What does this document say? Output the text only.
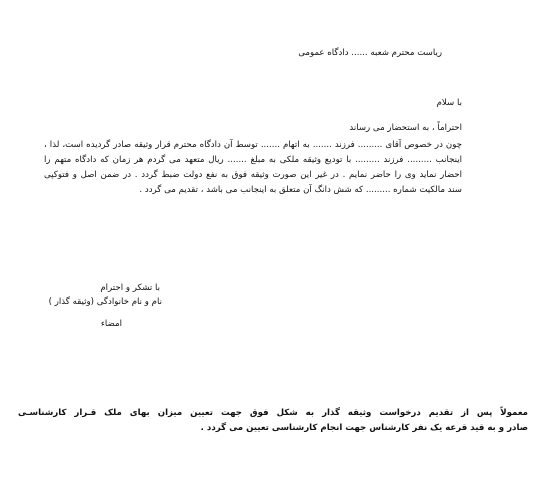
ریاست محترم شعبه ...... دادگاه عمومی
با سلام
احتراماً ، به استحضار می رساند
چون در خصوص آقای ......... فرزند ....... به اتهام ....... توسط آن دادگاه محترم قرار وثیقه صادر گردیده است، لذا ،
اینجانب ......... فرزند ......... با تودیع وثیقه ملکی به مبلغ ....... ریال متعهد می گردم هر زمان که دادگاه متهم را
احضار نماید وی را حاضر نمایم . در غیر این صورت وثیقه فوق به نفع دولت ضبط گردد . در ضمن اصل و فتوکپی
سند مالکیت شماره ......... که شش دانگ آن متعلق به اینجانب می باشد ، تقدیم می گردد .
با تشکر و احترام
نام و نام خانوادگی (وثیقه گذار )
امضاء
معمولاً پس از تقدیم درخواست وثیقه گذار به شکل فوق جهت تعیین میزان بهای ملک قـرار کارشناسـی
صادر و به قید قرعه یک نفر کارشناس جهت انجام کارشناسی تعیین می گردد .
